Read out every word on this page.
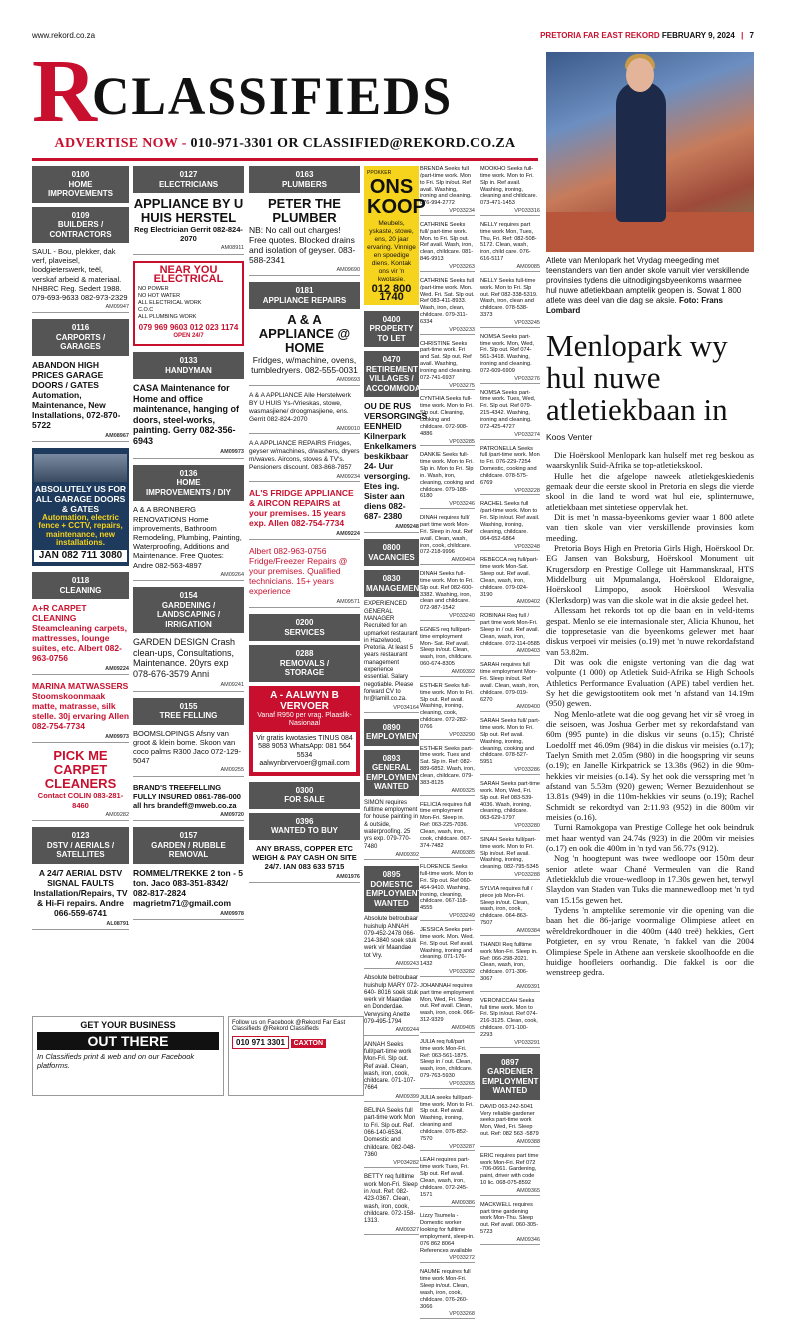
www.rekord.co.za	PRETORIA FAR EAST REKORD FEBRUARY 9, 2024 | 7
R
CLASSIFIEDS
ADVERTISE NOW - 010-971-3301 OR CLASSIFIED@REKORD.CO.ZA
0100
HOME
IMPROVEMENTS
0109
BUILDERS /
CONTRACTORS
SAUL - Bou, plekker, dak verf, plaveisel, loodgieterswerk, teël, verskaf arbeid & materiaal. NHBRC Reg. Sedert 1988. 079-693-9633 082-973-2329
AM09947
0116
CARPORTS /
GARAGES
ABANDON HIGH PRICES GARAGE DOORS / GATES Automation, Maintenance, New Installations, 072-870-5722
AM08967
ABSOLUTELY US FOR ALL GARAGE DOORS & GATES
Automation, electric fence + CCTV, repairs, maintenance, new installations.
JAN 082 711 3080
0118
CLEANING
A+R CARPET CLEANING Steamcleaning carpets, mattresses, lounge suites, etc. Albert 082-963-0756
AM09224
MARINA MATWASSERS Stoomskoonmaak matte, matrasse, silk stelle. 30j ervaring Allen 082-754-7734
AM09973
PICK ME CARPET CLEANERS
Contact COLIN 083-281-8460
AM09282
0123
DSTV / AERIALS /
SATELLITES
A 24/7 AERIAL DSTV SIGNAL FAULTS Installation/Repairs, TV & Hi-Fi repairs. Andre 066-559-6741
AL08791
0127
ELECTRICIANS
APPLIANCE BY U HUIS HERSTEL
Reg Electrician Gerrit 082-824-2070
AM08911
NEAR YOU ELECTRICAL
NO POWER
NO HOT WATER
ALL ELECTRICAL WORK
C.O.C
ALL PLUMBING WORK
079 969 9603 012 023 1174
OPEN 24/7
0133
HANDYMAN
CASA Maintenance for Home and office maintenance, hanging of doors, steel-works, painting. Gerry 082-356-6943
AM09973
0136
HOME
IMPROVEMENTS / DIY
A & A BRONBERG RENOVATIONS Home improvements, Bathroom Remodeling, Plumbing, Painting, Waterproofing, Additions and Maintenance. Free Quotes: Andre 082-563-4897
AM09264
0154
GARDENING /
LANDSCAPING /
IRRIGATION
GARDEN DESIGN Crash clean-ups, Consultations, Maintenance. 20yrs exp 078-676-3579 Anni
AM09241
0155
TREE FELLING
BOOMSLOPINGS Afsny van groot & klein bome. Skoon van coco palms R300 Jaco 072-129-5047
AM09255
BRAND'S TREEFELLING FULLY INSURED 0861-786-000 all hrs brandeff@mweb.co.za
AM09720
0157
GARDEN / RUBBLE
REMOVAL
ROMMEL/TREKKE 2 ton - 5 ton. Jaco 083-351-8342/ 082-817-2824 magrietm71@gmail.com
AM09978
0163
PLUMBERS
PETER THE PLUMBER
NB: No call out charges! Free quotes. Blocked drains and isolation of geyser. 083-588-2341
AM09690
0181
APPLIANCE REPAIRS
A & A APPLIANCE @ HOME
Fridges, w/machine, ovens, tumbledryers. 082-555-0031
AM09693
A & A APPLIANCE Alle Herstelwerk BY U HUIS Ys-/Vrieskas, stowe, wasmasjiene/ droogmasjiene, ens. Gerrit 082-824-2070
AM09010
A A APPLIANCE REPAIRS Fridges, geyser w/machines, d/washers, dryers m/waves. Aircons, stoves & TV's. Pensioners discount. 083-868-7857
AM09234
AL'S FRIDGE APPLIANCE & AIRCON REPAIRS at your premises. 15 years exp. Allen 082-754-7734
AM09224
Albert 082-963-0756 Fridge/Freezer Repairs @ your premises. Qualified technicians. 15+ years experience
AM09571
0200
SERVICES
0288
REMOVALS /
STORAGE
A - AALWYN B VERVOER
Vanaf R950 per vrag. Plaaslik-Nasionaal
Vir gratis kwotasies TINUS 084 588 9053 WhatsApp: 081 564 5534 aalwynbrvervoer@gmail.com
0300
FOR SALE
0396
WANTED TO BUY
ANY BRASS, COPPER ETC WEIGH & PAY CASH ON SITE 24/7. IAN 083 633 5715
AM01976
PPOKKER
ONS KOOP
Meubels, yskaste, stowe, ens, 20 jaar ervaring. Vinnige en spoedige diens. Kontak ons vir 'n kwotasie.
012 800 1740
0400
PROPERTY TO LET
0470
RETIREMENT
VILLAGES /
ACCOMMODATION
OU DE RUS VERSORGINGS EENHEID Kilnerpark Enkelkamers beskikbaar 24- Uur versorging. Etes ing. Sister aan diens 082-687- 2380
AM09248
0800
VACANCIES
0830
MANAGEMENT
EXPERIENCED GENERAL MANAGER Recruited for an upmarket restaurant in Hazelwood, Pretoria. At least 5 years restaurant management experience essential. Salary negotiable. Please forward CV to hr@lamill.co.za.
VP034164
0890
EMPLOYMENT
0893
GENERAL
EMPLOYMENT
WANTED
SIMON requires fulltime employment for house painting in & outside, waterproofing. 25 yrs exp. 079-770-7480
AM09392
0895
DOMESTIC
EMPLOYMENT
WANTED
Absolute betroubaar huishulp ANNAH 079-452-2478 066-214-3840 soek stuk werk vir Maandae tot Vry.
AM09243
Absolute betroubaar huishulp MARY 072-640- 8016 soek stuk werk vir Maandae en Donderdae. Verwysing Anette 079-495-1794
AM09244
ANNAH Seeks full/part-time work Mon-Fri. Slp out. Ref avail. Clean, wash, iron, cook, childcare. 071-107-7664
AM09399
BELINA Seeks full part-time work Mon to Fri. Slp out. Ref. 066-140-6534. Domestic and childcare. 082-048-7360
VP034282
BETTY req fulltime work Mon-Fri. Sleep in /out. Ref: 082-423-0367. Clean, wash, iron, cook, childcare. 072-158-1313.
AM09327
BRENDA Seeks full /part-time work. Mon to Fri. Slp in/out. Ref avail. Washing, ironing and cleaning. 076-994-2772
VP033234
CATHRINE Seeks full/ part-time work. Mon. to Fri. Slp out. Ref avail. Wash, iron, clean, childcare. 081-846-9913
VP033263
CATHRINE Seeks full /part-time work. Mon. Wed. Fri. Sat. Slp out. Ref 083-411-8933. Wash, iron, clean, childcare. 079-311-6334
VP033233
CHRISTINE Seeks part-time work. Fri and Sat. Slp out. Ref avail. Washing, ironing and cleaning. 072-741-6937
VP033275
CYNTHIA Seeks full-time work. Mon to Fri. Slp out. Cleaning, cooking and childcare. 072-908- 4886
VP033285
DANKIE Seeks full-time work. Mon to Fri. Slp in. Mon to Fri. Slp in. Wash, iron, cleaning, cooking and childcare. 079-188-6180
VP033246
DINAH requires full/ part time work Mon-Fri. Sleep in /out. Ref avail. Clean, wash, iron, cook, childcare. 072-218-9996
AM09404
DINAH Seeks full-time work. Mon to Fri. Slp out. Ref 082-600-3382. Washing, iron, clean and childcare. 072-987-1542
VP033240
EGNES req full/part-time employment Mon- Sat. Ref avail. Sleep in/out. Clean, wash, iron, childcare. 060-674-8305
AM09392
ESTHER Seeks full-time work. Mon to Fri. Slp out. Ref avail. Washing, ironing, cleaning, cook, childcare. 072-282-0766
VP033290
ESTHER Seeks part-time work. Tues and Sat. Slp in. Ref: 082-889-6852. Wash, iron, clean, childcare. 079-383-8125
AM09325
FELICIA requires full time employment Mon-Fri. Sleep in. Ref: 063-225-7036. Clean, wash, iron, cook, childcare. 067-374-7482
AM09385
FLORENCE Seeks full-time work. Mon to Fri. Slp out. Ref 060-464-9410. Washing, ironing, cleaning, childcare. 067-118-4555
VP033249
JESSICA Seeks part-time work. Mon. Wed. Fri. Slp out. Ref avail. Washing, ironing and cleaning. 071-176-1432
VP033282
JOHANNAH requires part time employment Mon, Wed, Fri. Sleep out. Ref avail. Clean, wash, iron, cook. 066-312-9329
AM09405
JULIA req full/part time work Mon-Fri. Ref: 063-561-1875. Sleep in / out. Clean, wash, iron, childcare. 079-763-5930
VP033265
JULIA seeks full/part-time work. Mon to Fri. Slp out. Ref avail. Washing, ironing, cleaning and childcare. 076-852-7570
VP033287
LEAH requires part-time work Tues, Fri. Slp out. Ref avail. Clean, wash, iron, childcare. 072-245-1571
AM09386
Lizzy Tsumela - Domestic worker looking for fulltime employment, sleep-in. 076 862 8064 References available
VP033272
NAUME requires full time work Mon-Fri. Sleep in/out. Clean, wash, iron, cook, childcare. 076-260- 3066
VP033268
MOOKHO Seeks full-time work. Mon to Fri. Slp in. Ref avail. Washing, ironing, cleaning and childcare. 073-471-1453
VP033316
NELLY requires part time work Mon, Tues, Thu, Fri. Ref: 082-508-5172. Clean, wash, iron, child care. 076-616-5117
AM09085
NELLY Seeks full-time work. Mon to Fri. Slp out. Ref 082-338-5319. Wash, iron, clean and childcare. 078-538-3373
VP033245
NOMSA Seeks part-time work. Mon, Wed, Fri. Slp out. Ref 074-561-3418. Washing, ironing and cleaning. 072-609-6909
VP033276
NOMSA Seeks part-time work. Tues, Wed, Fri. Slp out. Ref 079-215-4342. Washing, ironing and cleaning. 072-425-4727
VP033274
PATRONELLA Seeks full /part-time work. Mon to Fri. 076-229-7254 Domestic, cooking and childcare. 078-575-6769
VP033228
RACHEL Seeks full /part-time work. Mon to Fri. Slp in/out. Ref avail. Washing, ironing, cleaning, childcare. 064-652-6864
VP033248
REBECCA req full/part-time work Mon-Sat. Sleep out. Ref avail. Clean, wash, iron, childcare. 079-024- 3190
AM09402
ROBINAH Req full / part time work Mon-Fri. Sleep in / out. Ref avail. Clean, wash, iron, childcare. 072-114-0585
AM09403
SARAH requires full time employment Mon-Fri. Sleep in/out. Ref avail. Clean, wash, iron, childcare. 079-019-6270
AM09400
SARAH Seeks full/ part-time work. Mon to Fri. Slp out. Ref avail. Washing, ironing, cleaning, cooking and childcare. 078-527-5951
VP033286
SARAH Seeks part-time work. Mon, Wed, Fri. Slp out. Ref 083-539-4036. Wash, ironing, cleaning, childcare. 063-629-1797
VP033280
SINAH Seeks full/part-time work. Mon to Fri. Slp in/out. Ref avail. Washing, ironing, cleaning. 082-795-5345
VP033288
SYLVIA requires full / piece job Mon-Fri. Sleep in/out. Clean, wash, iron, cook, childcare. 064-863- 7507
AM09384
THANDI Req fulltime work Mon-Fri. Sleep in. Ref: 066-298-2021. Clean, wash, iron, childcare. 071-306-3067
AM09391
VERONICCAH Seeks full time work. Mon to Fri. Slp in/out. Ref 074-216-3125. Clean, cook, childcare. 071-100-2293
VP033291
0897
GARDENER
EMPLOYMENT
WANTED
DAVID 063-242-5041 Very reliable gardener seeks part-time work Mon, Wed, Fri. Sleep out. Ref: 082 563 -5879
AM09388
ERIC requires part time work Mon-Fri. Ref 072 -706-0661. Gardening, paint, driver with code 10 lic. 068-075-8592
AM09365
MACKWELL requires part time gardening work Mon-Thu. Sleep out. Ref avail. 060-305-5723
AM09346
GET YOUR BUSINESS
OUT THERE
In Classifieds print & web and on our Facebook platforms.
Follow us on Facebook @Rekord Far East Classifieds @Rekord Classifieds
010 971 3301 CAXTON
Atlete van Menlopark het Vrydag meegeding met teenstanders van tien ander skole vanuit vier verskillende provinsies tydens die uitnodigingsbyeenkoms waarmee hul nuwe atletiekbaan amptelik geopen is. Sowat 1 800 atlete was deel van die dag se aksie. Foto: Frans Lombard
Menlopark wy hul nuwe atletiekbaan in
Koos Venter

Die Hoërskool Menlopark kan hulself met reg beskou as waarskynlik Suid-Afrika se top-atletiekskool.

Hulle het die afgelope naweek atletiekgeskiedenis gemaak deur die eerste skool in Pretoria en slegs die vierde skool in die land te word wat hul eie, splinternuwe, atletiekbaan met sintetiese oppervlak het.

Dit is met 'n massa-byeenkoms gevier waar 1 800 atlete van tien skole van vier verskillende provinsies kom meeding.

Pretoria Boys High en Pretoria Girls High, Hoërskool Dr. EG Jansen van Boksburg, Hoërskool Monument uit Krugersdorp en Prestige College uit Hammanskraal, HTS Middelburg uit Mpumalanga, Hoërskool Eldoraigne, Hoërskool Limpopo, asook Hoërskool Wesvalia (Klerksdorp) was van die skole wat in die aksie gedeel het.

Allessam het rekords tot op die baan en in veld-items gespat. Menlo se eie internasionale ster, Alicia Khunou, het die toppresetasie van die byeenkoms gelewer met haar diskus verpoei vir meisies (o.19) met 'n nuwe rekordafstand van 53.82m.

Dit was ook die enigste vertoning van die dag wat volpunte (1 000) op Atletiek Suid-Afrika se High Schools Athletics Performance Evaluation (APE) tabel verdien het. Sy het die gewigstootitem ook met 'n afstand van 14.19m (950) gewen.

Nog Menlo-atlete wat die oog gevang het vir sê vroeg in die seisoen, was Joshua Gerber met sy rekordafstand van 60m (995 punte) in die diskus vir seuns (o.15); Christé Loedolff met 46.09m (984) in die diskus vir meisies (o.17); Taelyn Smith met 2.05m (980) in die hoogspring vir seuns (o.19); en Janelle Kirkpatrick se 13.38s (962) in die 90m-hekkies vir meisies (o.14). Sy het ook die versspring met 'n afstand van 5.53m (920) gewen; Werner Bezuidenhout se 13.81s (949) in die 110m-hekkies vir seuns (o.19); Rachel Schmidt se rekordtyd van 2:11.93 (952) in die 800m vir meisies (o.16).

Turni Ramokgopa van Prestige College het ook beindruk met haar wentyd van 24.74s (923) in die 200m vir meisies (o.17) en ook die 400m in 'n tyd van 56.77s (912).

Nog 'n hoogtepunt was twee wedloope oor 150m deur senior atlete waar Chané Vermeulen van die Rand Atletiekklub die vroue-wedloop in 17.30s gewen het, terwyl Slaydon van Staden van Tuks die mannewedloop met 'n tyd van 15.15s gewen het.

Tydens 'n amptelike seremonie vir die opening van die baan het die 86-jarige voormalige Olimpiese atleet en wêreldrekordhouer in die 400m (440 treë) hekkies, Gert Potgieter, en sy vrou Renate, 'n fakkel van die 2004 Olimpiese Spele in Athene aan verskeie skoolhoofde en die huidige hoofleiers oorhandig. Die fakkel is oor die wenstreep gedra.
